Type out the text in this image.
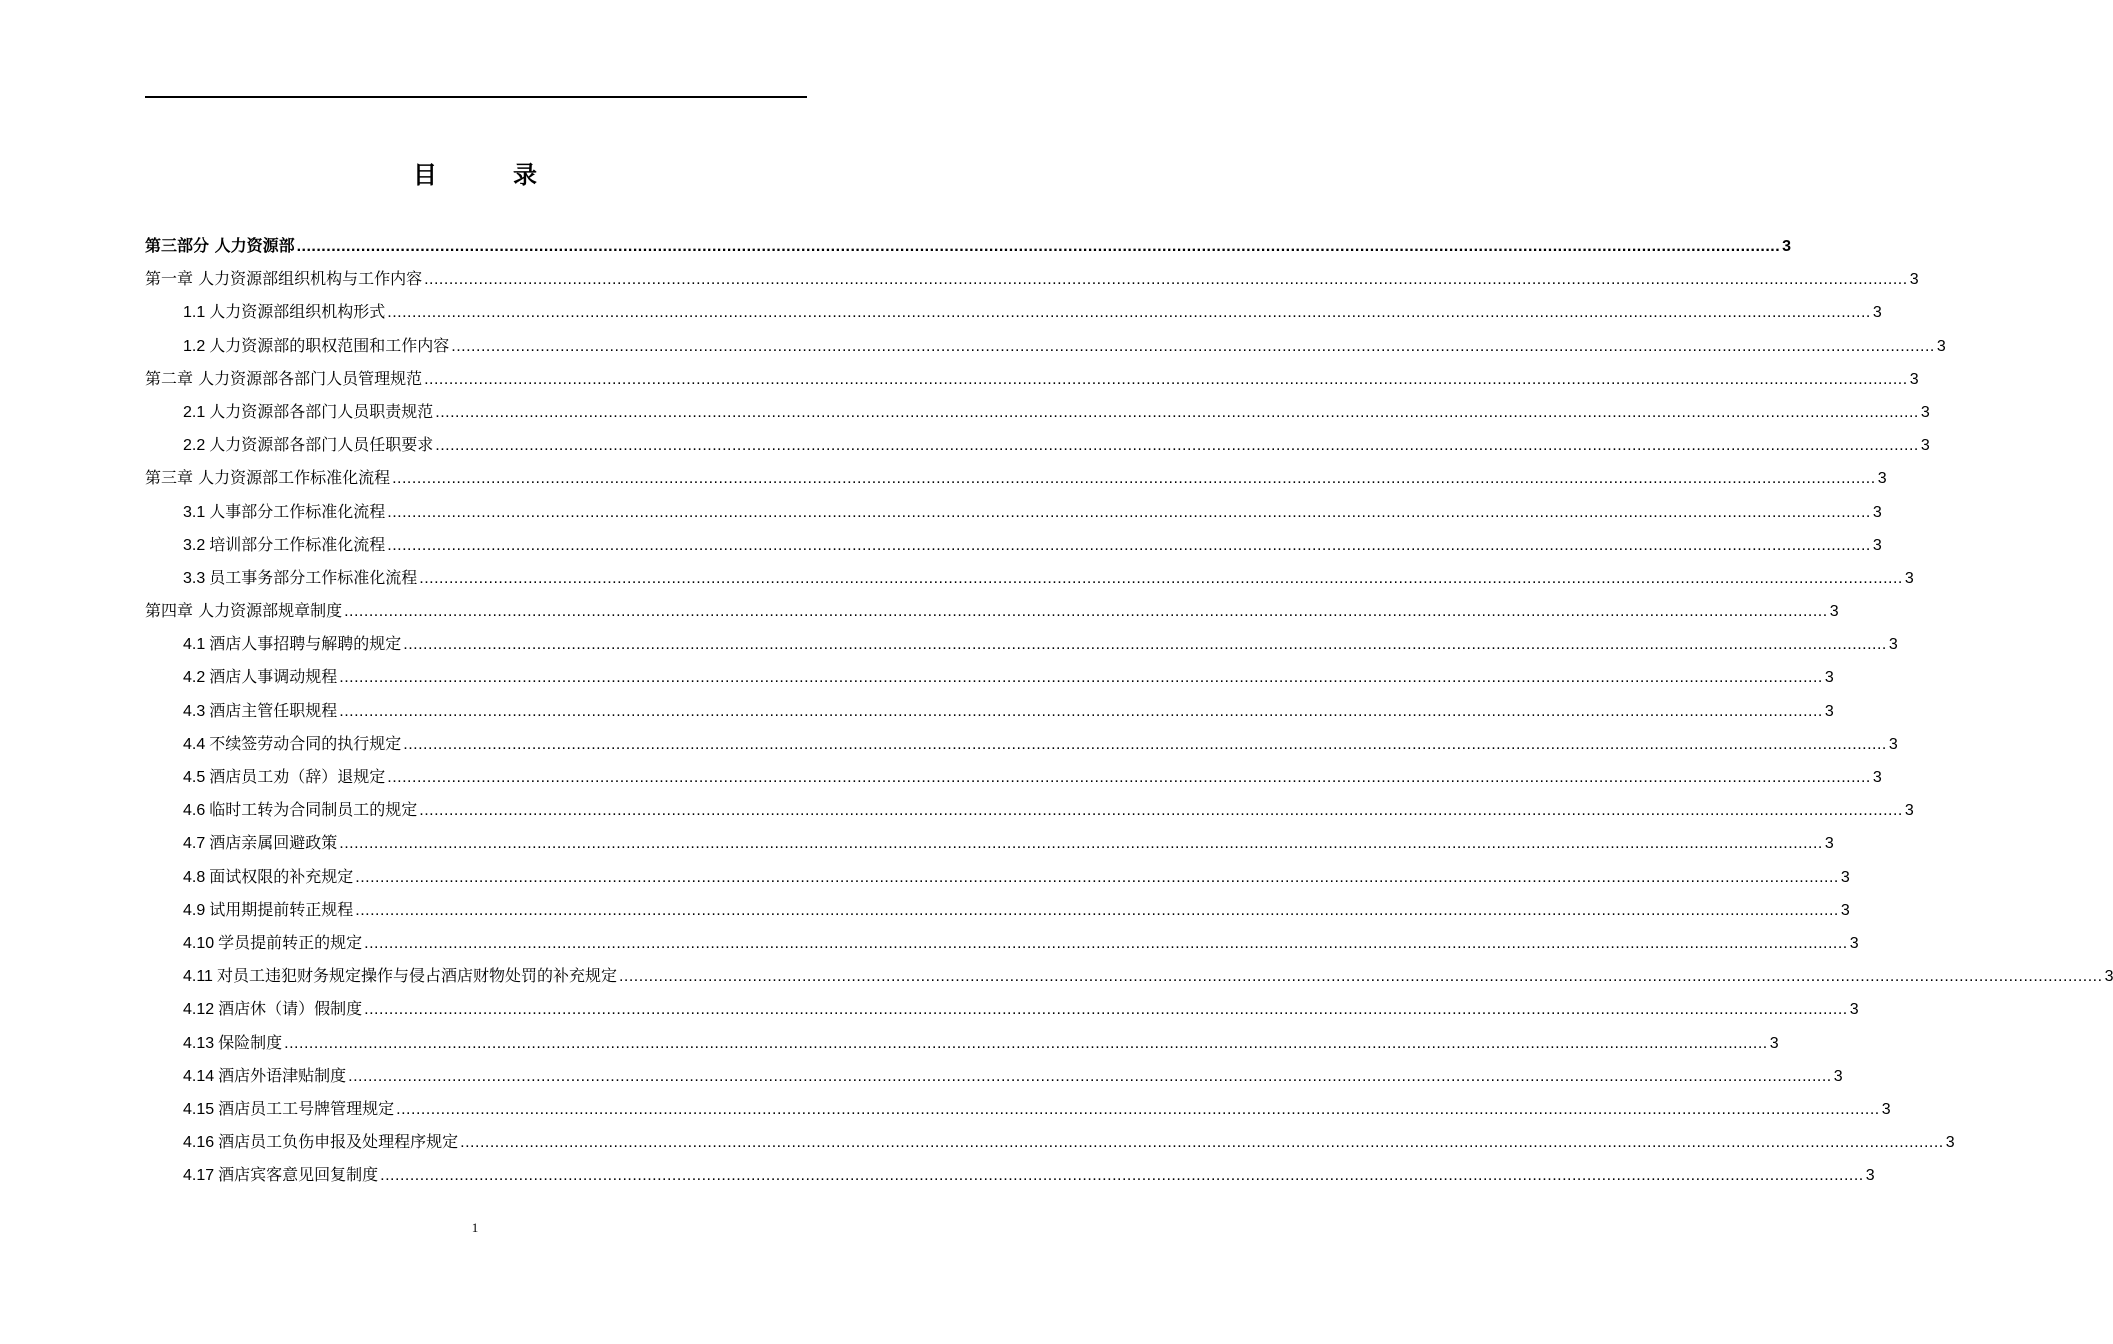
目　录
第三部分 人力资源部 ............................................................................................................................................................................................................................................................................................................ 3
第一章 人力资源部组织机构与工作内容 ............................................................................................................................................................................................................................................................................................................ 3
1.1 人力资源部组织机构形式 ............................................................................................................................................................................................................................................................................................................ 3
1.2 人力资源部的职权范围和工作内容 ............................................................................................................................................................................................................................................................................................................ 3
第二章 人力资源部各部门人员管理规范 ............................................................................................................................................................................................................................................................................................................ 3
2.1 人力资源部各部门人员职责规范 ............................................................................................................................................................................................................................................................................................................ 3
2.2 人力资源部各部门人员任职要求 ............................................................................................................................................................................................................................................................................................................ 3
第三章 人力资源部工作标准化流程 ............................................................................................................................................................................................................................................................................................................ 3
3.1 人事部分工作标准化流程 ............................................................................................................................................................................................................................................................................................................ 3
3.2 培训部分工作标准化流程 ............................................................................................................................................................................................................................................................................................................ 3
3.3 员工事务部分工作标准化流程 ............................................................................................................................................................................................................................................................................................................ 3
第四章 人力资源部规章制度 ............................................................................................................................................................................................................................................................................................................ 3
4.1 酒店人事招聘与解聘的规定 ............................................................................................................................................................................................................................................................................................................ 3
4.2 酒店人事调动规程 ............................................................................................................................................................................................................................................................................................................ 3
4.3 酒店主管任职规程 ............................................................................................................................................................................................................................................................................................................ 3
4.4 不续签劳动合同的执行规定 ............................................................................................................................................................................................................................................................................................................ 3
4.5 酒店员工劝（辞）退规定 ............................................................................................................................................................................................................................................................................................................ 3
4.6 临时工转为合同制员工的规定 ............................................................................................................................................................................................................................................................................................................ 3
4.7 酒店亲属回避政策 ............................................................................................................................................................................................................................................................................................................ 3
4.8 面试权限的补充规定 ............................................................................................................................................................................................................................................................................................................ 3
4.9 试用期提前转正规程 ............................................................................................................................................................................................................................................................................................................ 3
4.10 学员提前转正的规定 ............................................................................................................................................................................................................................................................................................................ 3
4.11 对员工违犯财务规定操作与侵占酒店财物处罚的补充规定 ............................................................................................................................................................................................................................................................................................................ 3
4.12 酒店休（请）假制度 ............................................................................................................................................................................................................................................................................................................ 3
4.13 保险制度 ............................................................................................................................................................................................................................................................................................................ 3
4.14 酒店外语津贴制度 ............................................................................................................................................................................................................................................................................................................ 3
4.15 酒店员工工号牌管理规定 ............................................................................................................................................................................................................................................................................................................ 3
4.16 酒店员工负伤申报及处理程序规定 ............................................................................................................................................................................................................................................................................................................ 3
4.17 酒店宾客意见回复制度 ............................................................................................................................................................................................................................................................................................................ 3
1
